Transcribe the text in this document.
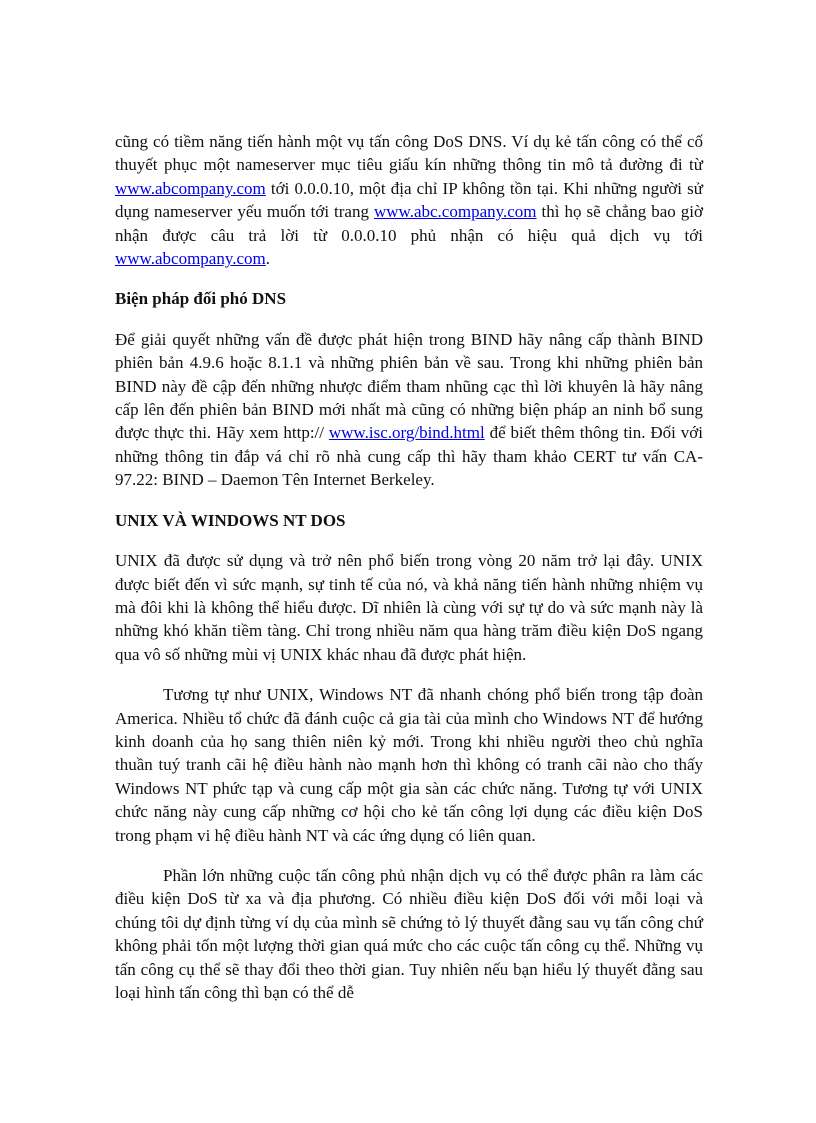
cũng có tiềm năng tiến hành một vụ tấn công DoS DNS. Ví dụ kẻ tấn công có thể cố thuyết phục một nameserver mục tiêu giấu kín những thông tin mô tả đường đi từ www.abcompany.com tới 0.0.0.10, một địa chỉ IP không tồn tại. Khi những người sử dụng nameserver yếu muốn tới trang www.abc.company.com thì họ sẽ chẳng bao giờ nhận được câu trả lời từ 0.0.0.10 phủ nhận có hiệu quả dịch vụ tới www.abcompany.com.

Biện pháp đối phó DNS

Để giải quyết những vấn đề được phát hiện trong BIND hãy nâng cấp thành BIND phiên bản 4.9.6 hoặc 8.1.1 và những phiên bản về sau. Trong khi những phiên bản BIND này đề cập đến những nhược điểm tham nhũng cạc thì lời khuyên là hãy nâng cấp lên đến phiên bản BIND mới nhất mà cũng có những biện pháp an ninh bổ sung được thực thi. Hãy xem http:// www.isc.org/bind.html để biết thêm thông tin. Đối với những thông tin đắp vá chỉ rõ nhà cung cấp thì hãy tham khảo CERT tư vấn CA-97.22: BIND – Daemon Tên Internet Berkeley.

UNIX VÀ WINDOWS NT DOS

UNIX đã được sử dụng và trở nên phổ biến trong vòng 20 năm trở lại đây. UNIX được biết đến vì sức mạnh, sự tinh tế của nó, và khả năng tiến hành những nhiệm vụ mà đôi khi là không thể hiểu được. Dĩ nhiên là cùng với sự tự do và sức mạnh này là những khó khăn tiềm tàng. Chỉ trong nhiều năm qua hàng trăm điều kiện DoS ngang qua vô số những mùi vị UNIX khác nhau đã được phát hiện.

Tương tự như UNIX, Windows NT đã nhanh chóng phổ biến trong tập đoàn America. Nhiều tổ chức đã đánh cuộc cả gia tài của mình cho Windows NT để hướng kinh doanh của họ sang thiên niên kỷ mới. Trong khi nhiều người theo chủ nghĩa thuần tuý tranh cãi hệ điều hành nào mạnh hơn thì không có tranh cãi nào cho thấy Windows NT phức tạp và cung cấp một gia sàn các chức năng. Tương tự với UNIX chức năng này cung cấp những cơ hội cho kẻ tấn công lợi dụng các điều kiện DoS trong phạm vi hệ điều hành NT và các ứng dụng có liên quan.

Phần lớn những cuộc tấn công phủ nhận dịch vụ có thể được phân ra làm các điều kiện DoS từ xa và địa phương. Có nhiều điều kiện DoS đối với mỗi loại và chúng tôi dự định từng ví dụ của mình sẽ chứng tỏ lý thuyết đằng sau vụ tấn công chứ không phải tốn một lượng thời gian quá mức cho các cuộc tấn công cụ thể. Những vụ tấn công cụ thể sẽ thay đổi theo thời gian. Tuy nhiên nếu bạn hiểu lý thuyết đằng sau loại hình tấn công thì bạn có thể dễ
